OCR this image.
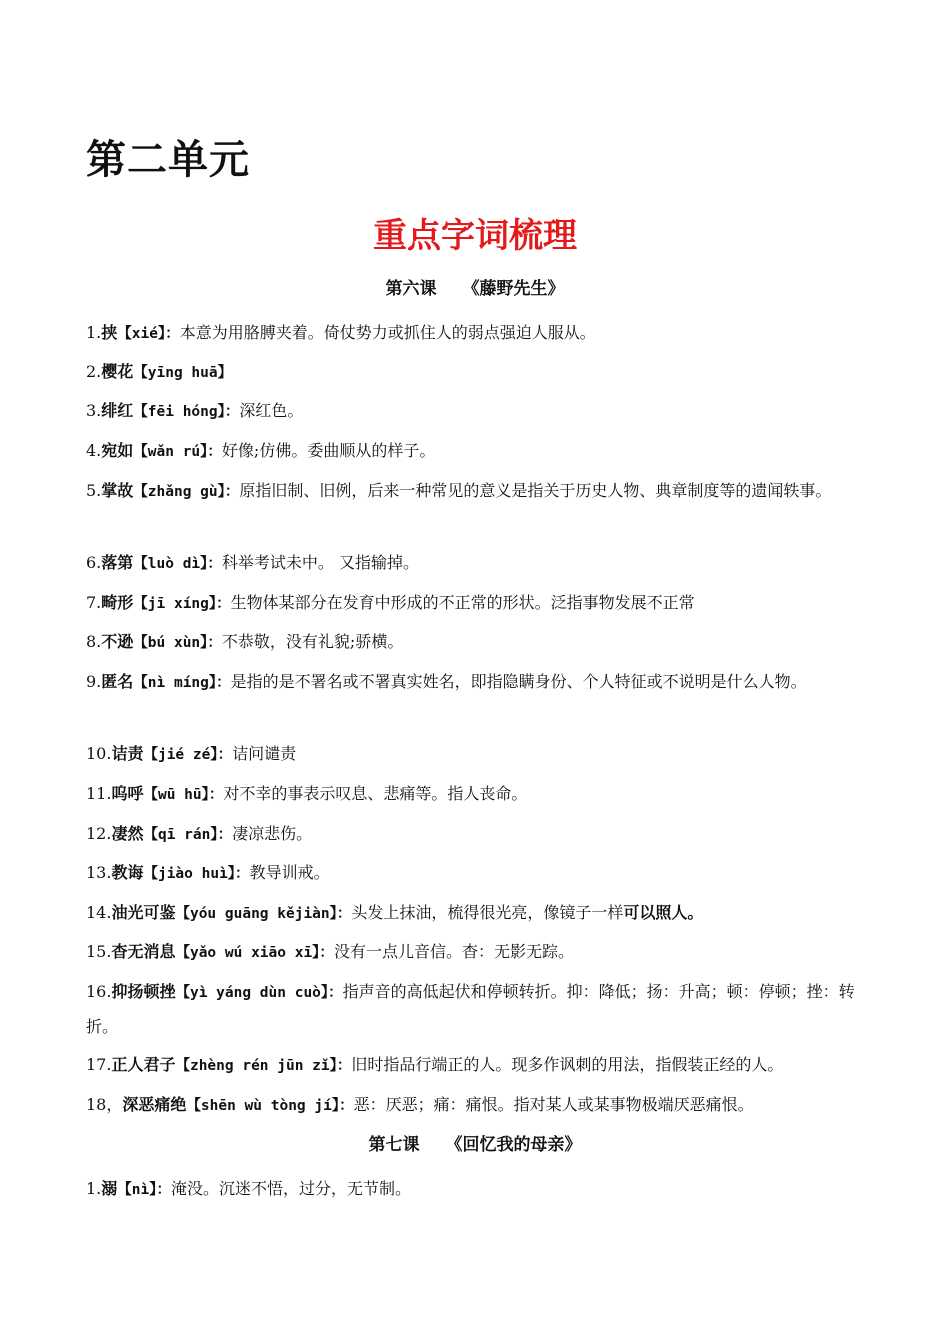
第二单元
重点字词梳理
第六课 《藤野先生》
1.挟【xié】：本意为用胳膊夹着。倚仗势力或抓住人的弱点强迫人服从。
2.樱花【yīng huā】
3.绯红【fēi hóng】：深红色。
4.宛如【wǎn rú】：好像;仿佛。委曲顺从的样子。
5.掌故【zhǎng gù】：原指旧制、旧例，后来一种常见的意义是指关于历史人物、典章制度等的遗闻轶事。
6.落第【luò dì】：科举考试未中。 又指输掉。
7.畸形【jī xíng】：生物体某部分在发育中形成的不正常的形状。泛指事物发展不正常
8.不逊【bú xùn】：不恭敬，没有礼貌;骄横。
9.匿名【nì míng】：是指的是不署名或不署真实姓名，即指隐瞒身份、个人特征或不说明是什么人物。
10.诘责【jié zé】：诘问谴责
11.呜呼【wū hū】：对不幸的事表示叹息、悲痛等。指人丧命。
12.凄然【qī rán】：凄凉悲伤。
13.教诲【jiào huì】：教导训戒。
14.油光可鉴【yóu guāng kějiàn】：头发上抹油，梳得很光亮，像镜子一样可以照人。
15.杳无消息【yǎo wú xiāo xī】：没有一点儿音信。杳：无影无踪。
16.抑扬顿挫【yì yáng dùn cuò】：指声音的高低起伏和停顿转折。抑：降低；扬：升高；顿：停顿；挫：转折。
17.正人君子【zhèng rén jūn zǐ】：旧时指品行端正的人。现多作讽刺的用法，指假装正经的人。
18，深恶痛绝【shēn wù tòng jí】：恶：厌恶；痛：痛恨。指对某人或某事物极端厌恶痛恨。
第七课 《回忆我的母亲》
1.溺【nì】：淹没。沉迷不悟，过分，无节制。
